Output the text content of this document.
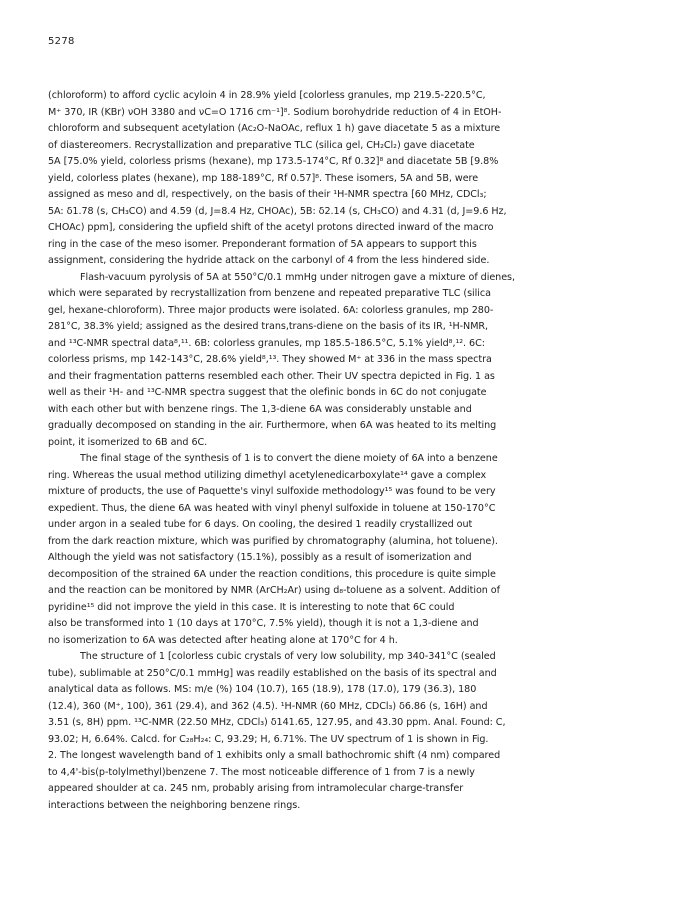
5278
(chloroform) to afford cyclic acyloin 4 in 28.9% yield [colorless granules, mp 219.5-220.5°C,
M⁺ 370, IR (KBr) νOH 3380 and νC=O 1716 cm⁻¹]⁸. Sodium borohydride reduction of 4 in EtOH-
chloroform and subsequent acetylation (Ac₂O-NaOAc, reflux 1 h) gave diacetate 5 as a mixture
of diastereomers. Recrystallization and preparative TLC (silica gel, CH₂Cl₂) gave diacetate
5A [75.0% yield, colorless prisms (hexane), mp 173.5-174°C, Rf 0.32]⁸ and diacetate 5B [9.8%
yield, colorless plates (hexane), mp 188-189°C, Rf 0.57]⁸. These isomers, 5A and 5B, were
assigned as meso and dl, respectively, on the basis of their ¹H-NMR spectra [60 MHz, CDCl₃;
5A: δ1.78 (s, CH₃CO) and 4.59 (d, J=8.4 Hz, CHOAc), 5B: δ2.14 (s, CH₃CO) and 4.31 (d, J=9.6 Hz,
CHOAc) ppm], considering the upfield shift of the acetyl protons directed inward of the macro
ring in the case of the meso isomer. Preponderant formation of 5A appears to support this
assignment, considering the hydride attack on the carbonyl of 4 from the less hindered side.
Flash-vacuum pyrolysis of 5A at 550°C/0.1 mmHg under nitrogen gave a mixture of dienes,
which were separated by recrystallization from benzene and repeated preparative TLC (silica
gel, hexane-chloroform). Three major products were isolated. 6A: colorless granules, mp 280-
281°C, 38.3% yield; assigned as the desired trans,trans-diene on the basis of its IR, ¹H-NMR,
and ¹³C-NMR spectral data⁸,¹¹. 6B: colorless granules, mp 185.5-186.5°C, 5.1% yield⁸,¹². 6C:
colorless prisms, mp 142-143°C, 28.6% yield⁸,¹³. They showed M⁺ at 336 in the mass spectra
and their fragmentation patterns resembled each other. Their UV spectra depicted in Fig. 1 as
well as their ¹H- and ¹³C-NMR spectra suggest that the olefinic bonds in 6C do not conjugate
with each other but with benzene rings. The 1,3-diene 6A was considerably unstable and
gradually decomposed on standing in the air. Furthermore, when 6A was heated to its melting
point, it isomerized to 6B and 6C.
The final stage of the synthesis of 1 is to convert the diene moiety of 6A into a benzene
ring. Whereas the usual method utilizing dimethyl acetylenedicarboxylate¹⁴ gave a complex
mixture of products, the use of Paquette's vinyl sulfoxide methodology¹⁵ was found to be very
expedient. Thus, the diene 6A was heated with vinyl phenyl sulfoxide in toluene at 150-170°C
under argon in a sealed tube for 6 days. On cooling, the desired 1 readily crystallized out
from the dark reaction mixture, which was purified by chromatography (alumina, hot toluene).
Although the yield was not satisfactory (15.1%), possibly as a result of isomerization and
decomposition of the strained 6A under the reaction conditions, this procedure is quite simple
and the reaction can be monitored by NMR (ArCH₂Ar) using d₈-toluene as a solvent. Addition of
pyridine¹⁵ did not improve the yield in this case. It is interesting to note that 6C could
also be transformed into 1 (10 days at 170°C, 7.5% yield), though it is not a 1,3-diene and
no isomerization to 6A was detected after heating alone at 170°C for 4 h.
The structure of 1 [colorless cubic crystals of very low solubility, mp 340-341°C (sealed
tube), sublimable at 250°C/0.1 mmHg] was readily established on the basis of its spectral and
analytical data as follows. MS: m/e (%) 104 (10.7), 165 (18.9), 178 (17.0), 179 (36.3), 180
(12.4), 360 (M⁺, 100), 361 (29.4), and 362 (4.5). ¹H-NMR (60 MHz, CDCl₃) δ6.86 (s, 16H) and
3.51 (s, 8H) ppm. ¹³C-NMR (22.50 MHz, CDCl₃) δ141.65, 127.95, and 43.30 ppm. Anal. Found: C,
93.02; H, 6.64%. Calcd. for C₂₈H₂₄: C, 93.29; H, 6.71%. The UV spectrum of 1 is shown in Fig.
2. The longest wavelength band of 1 exhibits only a small bathochromic shift (4 nm) compared
to 4,4'-bis(p-tolylmethyl)benzene 7. The most noticeable difference of 1 from 7 is a newly
appeared shoulder at ca. 245 nm, probably arising from intramolecular charge-transfer
interactions between the neighboring benzene rings.
